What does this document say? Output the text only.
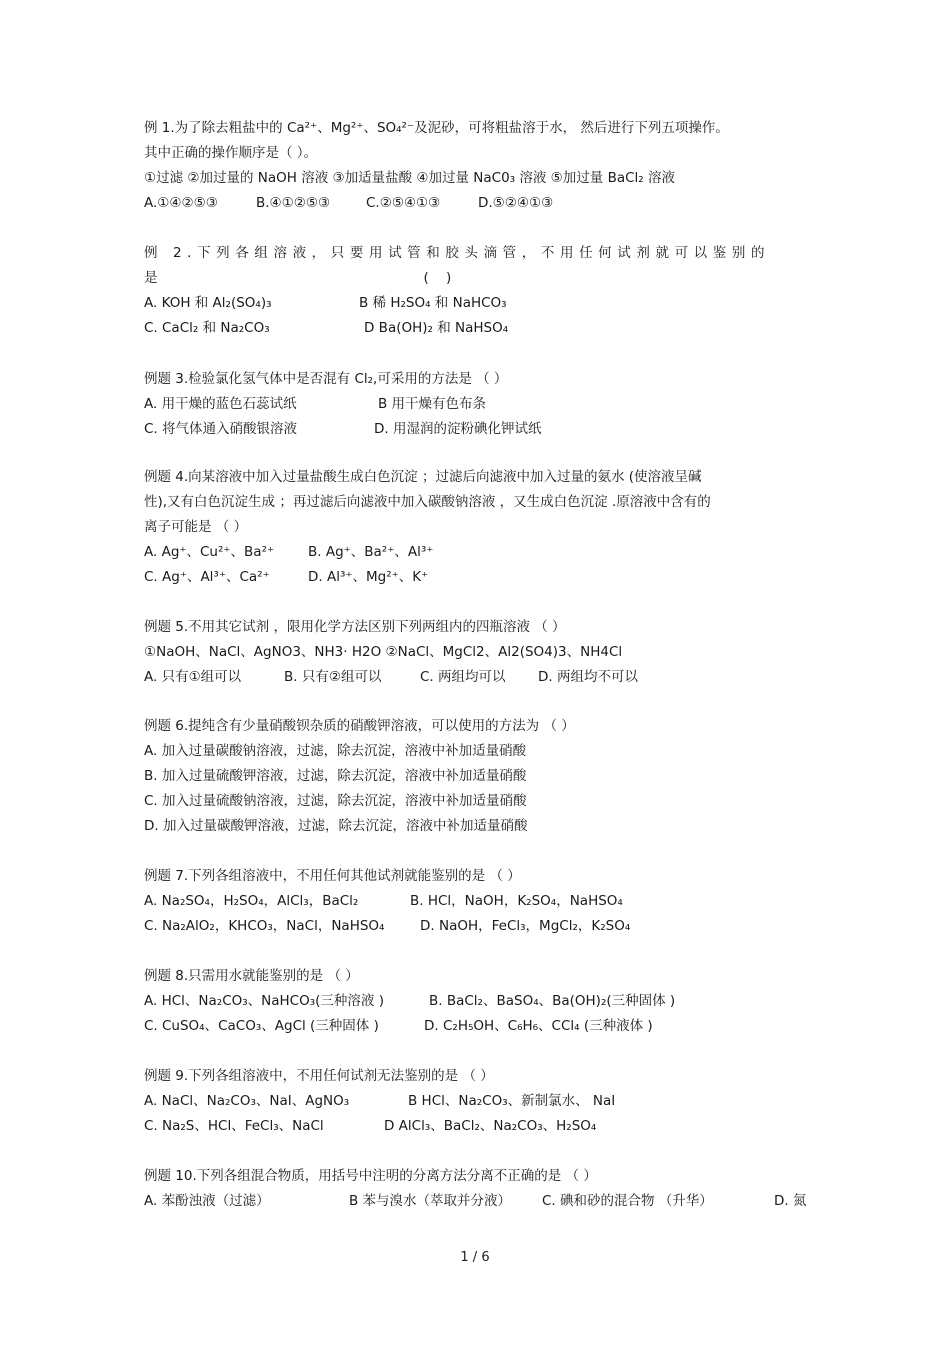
例 1.为了除去粗盐中的 Ca²⁺、Mg²⁺、SO₄²⁻及泥砂，可将粗盐溶于水， 然后进行下列五项操作。
其中正确的操作顺序是（ ）。
①过滤 ②加过量的 NaOH 溶液 ③加适量盐酸 ④加过量 NaC0₃ 溶液 ⑤加过量 BaCl₂ 溶液
A.①④②⑤③	B.④①②⑤③	C.②⑤④①③	D.⑤②④①③
例 2.下列各组溶液，只要用试管和胶头滴管，不用任何试剂就可以鉴别的
是                                                              (    )
A. KOH 和 Al₂(SO₄)₃	B 稀 H₂SO₄ 和 NaHCO₃
C. CaCl₂ 和 Na₂CO₃	D Ba(OH)₂ 和 NaHSO₄
例题 3.检验氯化氢气体中是否混有 Cl₂,可采用的方法是 （ ）
A. 用干燥的蓝色石蕊试纸	B 用干燥有色布条
C. 将气体通入硝酸银溶液	D. 用湿润的淀粉碘化钾试纸
例题 4.向某溶液中加入过量盐酸生成白色沉淀 ；过滤后向滤液中加入过量的氨水 (使溶液呈碱
性),又有白色沉淀生成 ；再过滤后向滤液中加入碳酸钠溶液 ，又生成白色沉淀 .原溶液中含有的
离子可能是 （ ）
A. Ag⁺、Cu²⁺、Ba²⁺	B. Ag⁺、Ba²⁺、Al³⁺
C. Ag⁺、Al³⁺、Ca²⁺	D. Al³⁺、Mg²⁺、K⁺
例题 5.不用其它试剂 ，限用化学方法区别下列两组内的四瓶溶液 （ ）
①NaOH、NaCl、AgNO3、NH3· H2O ②NaCl、MgCl2、Al2(SO4)3、NH4Cl
A. 只有①组可以	B. 只有②组可以	C. 两组均可以	D. 两组均不可以
例题 6.提纯含有少量硝酸钡杂质的硝酸钾溶液，可以使用的方法为 （ ）
A. 加入过量碳酸钠溶液，过滤，除去沉淀，溶液中补加适量硝酸
B. 加入过量硫酸钾溶液，过滤，除去沉淀，溶液中补加适量硝酸
C. 加入过量硫酸钠溶液，过滤，除去沉淀，溶液中补加适量硝酸
D. 加入过量碳酸钾溶液，过滤，除去沉淀，溶液中补加适量硝酸
例题 7.下列各组溶液中，不用任何其他试剂就能鉴别的是 （ ）
A. Na₂SO₄，H₂SO₄，AlCl₃，BaCl₂	B. HCl，NaOH，K₂SO₄，NaHSO₄
C. Na₂AlO₂，KHCO₃，NaCl，NaHSO₄	D. NaOH，FeCl₃，MgCl₂，K₂SO₄
例题 8.只需用水就能鉴别的是 （ ）
A. HCl、Na₂CO₃、NaHCO₃(三种溶液 )	B. BaCl₂、BaSO₄、Ba(OH)₂(三种固体 )
C. CuSO₄、CaCO₃、AgCl (三种固体 )	D. C₂H₅OH、C₆H₆、CCl₄ (三种液体 )
例题 9.下列各组溶液中，不用任何试剂无法鉴别的是 （ ）
A. NaCl、Na₂CO₃、NaI、AgNO₃	B HCl、Na₂CO₃、新制氯水、 NaI
C. Na₂S、HCl、FeCl₃、NaCl	D AlCl₃、BaCl₂、Na₂CO₃、H₂SO₄
例题 10.下列各组混合物质，用括号中注明的分离方法分离不正确的是 （ ）
A. 苯酚浊液（过滤）	B 苯与溴水（萃取并分液）	C. 碘和砂的混合物 （升华）	D. 氮
1 / 6
